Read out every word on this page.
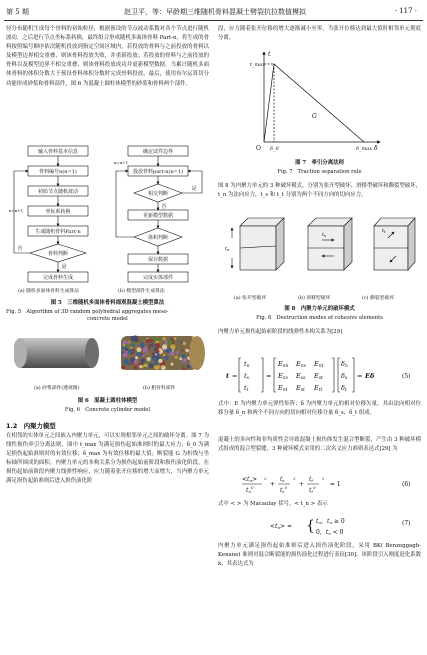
第 5 期	赵卫平，等：早龄期三维随机骨料混凝土劈裂抗拉数值模拟	· 117 ·
径分布随机生成每个骨料的初始粒径，根据预设的节点波动系数对各个节点进行随机波动，之后进行节点坐标系转换，最终组合形成随机多面体骨料 Part-n。将生成的骨料按照编号顺序依次随机投放到指定空间区域内，若投放的骨料与之前投放的骨料以及模型边界相交重叠，则该骨料投放失败，并重新投放；若投放的骨料与之前投放的骨料以及模型边界不相交重叠，则该骨料投放成功并更新模型数据。当累计随机多面体骨料的体积分数大于预设骨料体积分数时完成骨料投放，最后，使用布尔运算切分功能形成砂浆和骨料部件，图 6 为混凝土圆柱体模型的砂浆和骨料两个部件。
输入骨料基本信息
骨料编号n(n=1)
初始节点随机波动
坐标系转换
生成随机骨料Part-n
骨料判断
完成骨料生成
否
n=n+1
是
确定试件边界
投放骨料part-n(n=1)
相交判断
更新模型数据
体积判断
保存数据
完成实体部件
是
否
n=n+1
(a) 随机多面体骨料生成算法	(b) 模型部件生成算法
图 5　三维随机多面体骨料细观混凝土模型算法
Fig. 5　Algorithm of 3D random polyhedral aggregates meso-
concrete model
(a) 砂浆部件(透视图)	(b) 粗骨料部件
图 6　混凝土圆柱体模型
Fig. 6　Concrete cylinder model
1.2　内聚力模型
在相邻的实体单元之间嵌入内聚力单元，可以实现相邻单元之间的破坏分离。图 7 为线性损伤牵引分离法则，图中 t_max 为满足损伤起始准则时的最大应力；δ_0 为满足损伤起始准则时的有效位移；δ_max 为有效位移的最大值；断裂能 G 为折线与坐标轴所围成的面积。内聚力单元的本构关系分为损伤起始前阶段和损伤演化阶段。在损伤起始前阶段内聚力线弹性响应，应力随着张开位移的增大而增大，当内聚力单元满足损伤起始准则后进入损伤演化阶
段，应力随着张开位移的增大逐渐减小至零，当张开位移达到最大值时相邻单元彻底分离。
t
t_max
δ
O δ_0	δ_max
G
图 7　牵引分离法则
Fig. 7　Traction separation rule
图 8 为内聚力单元的 3 种破坏模式，分别为张开型破坏、滑移型破坏和撕裂型破坏，t_n 为法向应力，t_s 和 t_t 分别为两个不同方向的切向应力。
$t_n$
$t_s$
$t_t$
(a) 张开型破坏	(b) 滑移型破坏	(c) 撕裂型破坏
图 8　内聚力单元的破坏模式
Fig. 8　Destruction modes of cohesive elements
内聚力单元损伤起始前阶段的线弹性本构关系为[29]
t =
tn
ts
tt
=
Enn Ens Ent
Ens Ess Est
Ent Est Ett
δn
δs
δt
= Eδ	(5)
式中：E 为内聚力单元弹性矩阵；δ 为内聚力单元的相对位移矢量，其由法向相对位移分量 δ_n 和两个不同方向的切向相对位移分量 δ_s、δ_t 组成。
混凝土的多向性和非均质性会导致混凝土损伤体发生混合型断裂，产生由 3 种破坏模式组成的混合型裂缝，3 种破坏模式采用的二次名义应力准则表达式[29] 为
<tn>
$tn^0$
2
+
ts
$ts^0$
2
+
tt
$tt^0$
2
= 1	(6)
式中 < > 为 Macaulay 括号，< t_n > 表示
<tn> = { tn，tn ≥ 0
0，tn < 0
(7)
内聚力单元满足损伤起始准则后进入损伤演化阶段，采用 BK( Benzeggagh-Kenane) 准则对混合断裂能的损伤演化过程进行表征[30]。该阶段引入刚度退化系数 k，其表达式为
